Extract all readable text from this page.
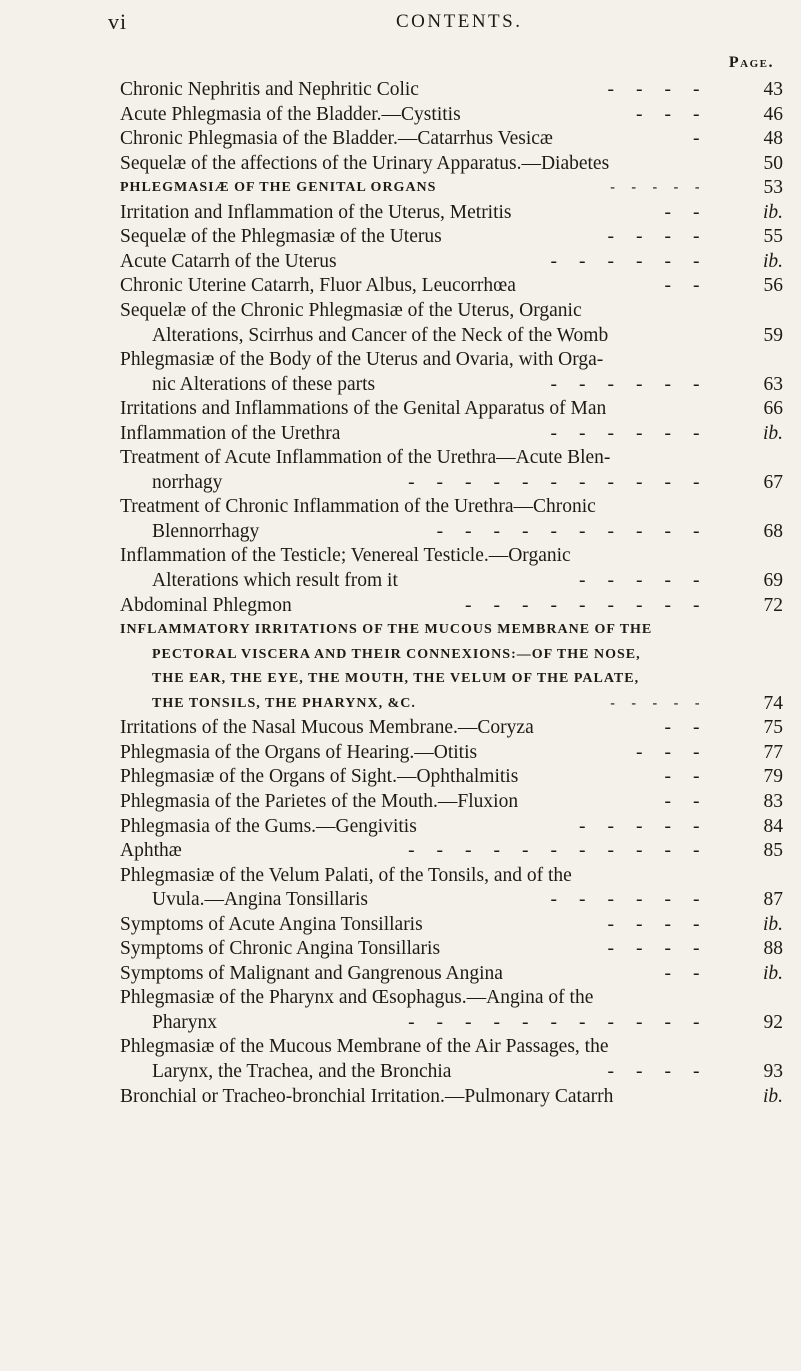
vi	CONTENTS.
Page.
Chronic Nephritis and Nephritic Colic	-    -    -    -	43
Acute Phlegmasia of the Bladder.—Cystitis	-    -    -	46
Chronic Phlegmasia of the Bladder.—Catarrhus Vesicæ	-	48
Sequelæ of the affections of the Urinary Apparatus.—Diabetes	50
PHLEGMASIÆ OF THE GENITAL ORGANS	-    -    -    -    -	53
Irritation and Inflammation of the Uterus, Metritis	-    -	ib.
Sequelæ of the Phlegmasiæ of the Uterus	-    -    -    -	55
Acute Catarrh of the Uterus	-    -    -    -    -    -	ib.
Chronic Uterine Catarrh, Fluor Albus, Leucorrhœa	-    -	56
Sequelæ of the Chronic Phlegmasiæ of the Uterus, Organic
Alterations, Scirrhus and Cancer of the Neck of the Womb	59
Phlegmasiæ of the Body of the Uterus and Ovaria, with Orga-
nic Alterations of these parts	-    -    -    -    -    -	63
Irritations and Inflammations of the Genital Apparatus of Man	66
Inflammation of the Urethra	-    -    -    -    -    -	ib.
Treatment of Acute Inflammation of the Urethra—Acute Blen-
norrhagy	-    -    -    -    -    -    -    -    -    -    -	67
Treatment of Chronic Inflammation of the Urethra—Chronic
Blennorrhagy	-    -    -    -    -    -    -    -    -    -	68
Inflammation of the Testicle; Venereal Testicle.—Organic
Alterations which result from it	-    -    -    -    -	69
Abdominal Phlegmon	-    -    -    -    -    -    -    -    -	72
INFLAMMATORY IRRITATIONS OF THE MUCOUS MEMBRANE OF THE
PECTORAL VISCERA AND THEIR CONNEXIONS:—OF THE NOSE,
THE EAR, THE EYE, THE MOUTH, THE VELUM OF THE PALATE,
THE TONSILS, THE PHARYNX, &C.	-    -    -    -    -	74
Irritations of the Nasal Mucous Membrane.—Coryza	-    -	75
Phlegmasia of the Organs of Hearing.—Otitis	-    -    -	77
Phlegmasiæ of the Organs of Sight.—Ophthalmitis	-    -	79
Phlegmasia of the Parietes of the Mouth.—Fluxion	-    -	83
Phlegmasia of the Gums.—Gengivitis	-    -    -    -    -	84
Aphthæ	-    -    -    -    -    -    -    -    -    -    -	85
Phlegmasiæ of the Velum Palati, of the Tonsils, and of the
Uvula.—Angina Tonsillaris	-    -    -    -    -    -	87
Symptoms of Acute Angina Tonsillaris	-    -    -    -	ib.
Symptoms of Chronic Angina Tonsillaris	-    -    -    -	88
Symptoms of Malignant and Gangrenous Angina	-    -	ib.
Phlegmasiæ of the Pharynx and Œsophagus.—Angina of the
Pharynx	-    -    -    -    -    -    -    -    -    -    -	92
Phlegmasiæ of the Mucous Membrane of the Air Passages, the
Larynx, the Trachea, and the Bronchia	-    -    -    -	93
Bronchial or Tracheo-bronchial Irritation.—Pulmonary Catarrh	ib.
